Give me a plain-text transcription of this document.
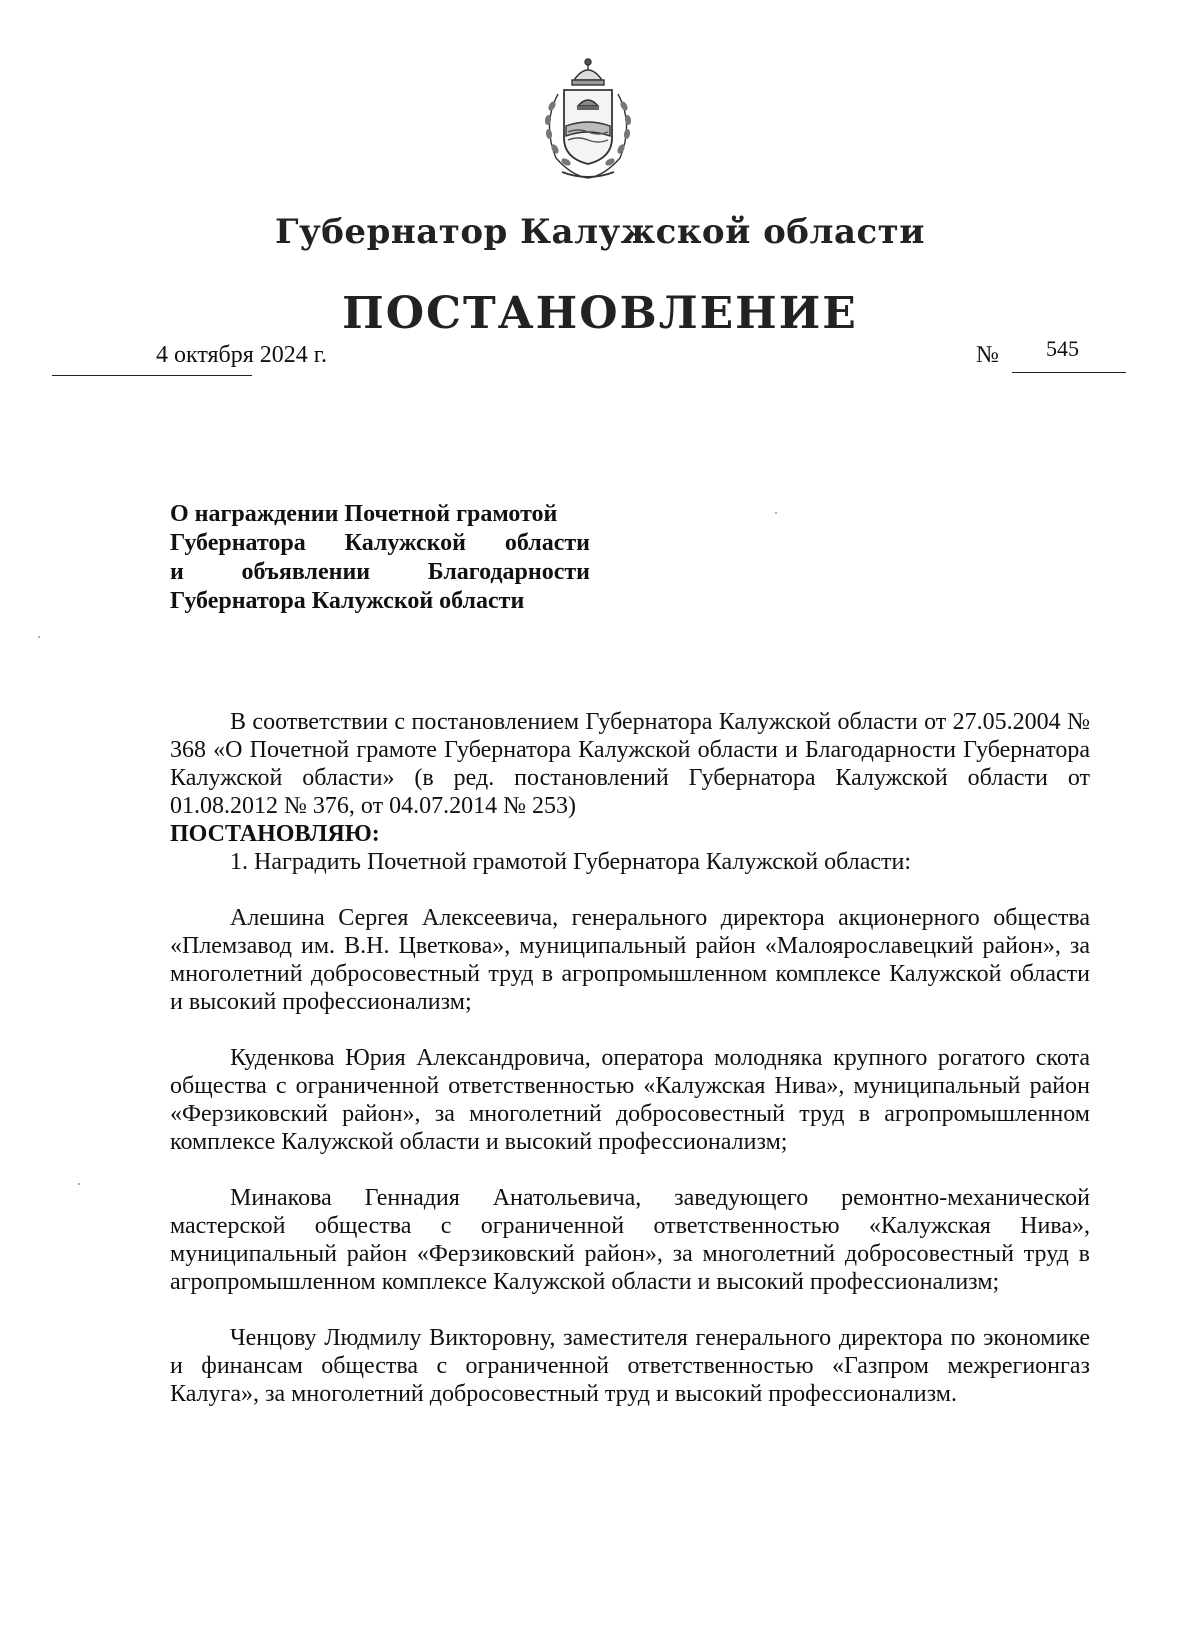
Губернатор Калужской области
ПОСТАНОВЛЕНИЕ
4 октября 2024 г.	№ 545
О награждении Почетной грамотой
Губернатора Калужской области
и объявлении Благодарности
Губернатора Калужской области

В соответствии с постановлением Губернатора Калужской области от 27.05.2004 № 368 «О Почетной грамоте Губернатора Калужской области и Благодарности Губернатора Калужской области» (в ред. постановлений Губернатора Калужской области от 01.08.2012 № 376, от 04.07.2014 № 253)

ПОСТАНОВЛЯЮ:

1. Наградить Почетной грамотой Губернатора Калужской области:

Алешина Сергея Алексеевича, генерального директора акционерного общества «Племзавод им. В.Н. Цветкова», муниципальный район «Малоярославецкий район», за многолетний добросовестный труд в агропромышленном комплексе Калужской области и высокий профессионализм;

Куденкова Юрия Александровича, оператора молодняка крупного рогатого скота общества с ограниченной ответственностью «Калужская Нива», муниципальный район «Ферзиковский район», за многолетний добросовестный труд в агропромышленном комплексе Калужской области и высокий профессионализм;

Минакова Геннадия Анатольевича, заведующего ремонтно-механической мастерской общества с ограниченной ответственностью «Калужская Нива», муниципальный район «Ферзиковский район», за многолетний добросовестный труд в агропромышленном комплексе Калужской области и высокий профессионализм;

Ченцову Людмилу Викторовну, заместителя генерального директора по экономике и финансам общества с ограниченной ответственностью «Газпром межрегионгаз Калуга», за многолетний добросовестный труд и высокий профессионализм.
